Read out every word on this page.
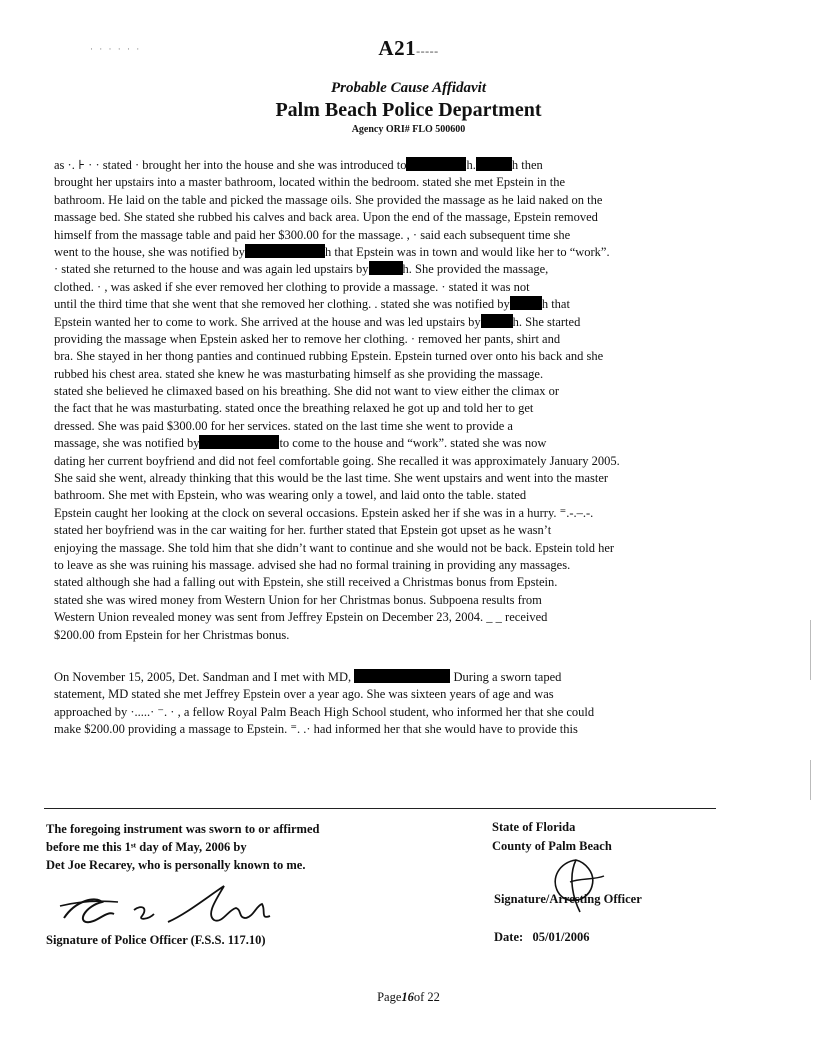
· · · · · ·	A21-----
Probable Cause Affidavit
Palm Beach Police Department
Agency ORI# FLO 500600
as ·. ⊦ · · stated · brought her into the house and she was introduced to	h.	h then
brought her upstairs into a master bathroom, located within the bedroom. stated she met Epstein in the
bathroom. He laid on the table and picked the massage oils. She provided the massage as he laid naked on the
massage bed. She stated she rubbed his calves and back area. Upon the end of the massage, Epstein removed
himself from the massage table and paid her $300.00 for the massage. , · said each subsequent time she
went to the house, she was notified by	h that Epstein was in town and would like her to “work”.
· stated she returned to the house and was again led upstairs by	h. She provided the massage,
clothed. · , was asked if she ever removed her clothing to provide a massage. · stated it was not
until the third time that she went that she removed her clothing. . stated she was notified by	h that
Epstein wanted her to come to work. She arrived at the house and was led upstairs by	h. She started
providing the massage when Epstein asked her to remove her clothing. · removed her pants, shirt and
bra. She stayed in her thong panties and continued rubbing Epstein. Epstein turned over onto his back and she
rubbed his chest area. stated she knew he was masturbating himself as she providing the massage.
stated she believed he climaxed based on his breathing. She did not want to view either the climax or
the fact that he was masturbating. stated once the breathing relaxed he got up and told her to get
dressed. She was paid $300.00 for her services. stated on the last time she went to provide a
massage, she was notified by	to come to the house and “work”. stated she was now
dating her current boyfriend and did not feel comfortable going. She recalled it was approximately January 2005.
She said she went, already thinking that this would be the last time. She went upstairs and went into the master
bathroom. She met with Epstein, who was wearing only a towel, and laid onto the table. stated
Epstein caught her looking at the clock on several occasions. Epstein asked her if she was in a hurry. ⁼.-.–.-.
stated her boyfriend was in the car waiting for her. further stated that Epstein got upset as he wasn’t
enjoying the massage. She told him that she didn’t want to continue and she would not be back. Epstein told her
to leave as she was ruining his massage. advised she had no formal training in providing any massages.
stated although she had a falling out with Epstein, she still received a Christmas bonus from Epstein.
stated she was wired money from Western Union for her Christmas bonus. Subpoena results from
Western Union revealed money was sent from Jeffrey Epstein on December 23, 2004. _ _ received
$200.00 from Epstein for her Christmas bonus.
On November 15, 2005, Det. Sandman and I met with MD,	During a sworn taped
statement, MD stated she met Jeffrey Epstein over a year ago. She was sixteen years of age and was
approached by ·.....· ⁻. · , a fellow Royal Palm Beach High School student, who informed her that she could
make $200.00 providing a massage to Epstein. ⁼. .· had informed her that she would have to provide this
The foregoing instrument was sworn to or affirmed
before me this 1ˢᵗ day of May, 2006 by
Det Joe Recarey, who is personally known to me.
State of Florida
County of Palm Beach
Signature of Police Officer (F.S.S. 117.10)
Signature/Arresting Officer
Date: 05/01/2006
Page16of 22
